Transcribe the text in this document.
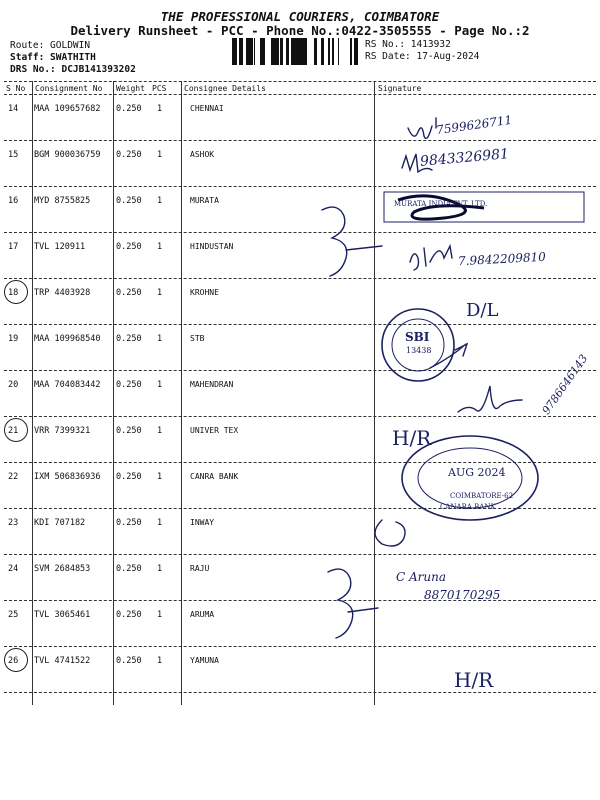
THE PROFESSIONAL COURIERS, COIMBATORE
Delivery Runsheet - PCC - Phone No.:0422-3505555 - Page No.:2
Route: GOLDWIN
Staff: SWATHITH
DRS No.: DCJB141393202
RS No.: 1413932
RS Date: 17-Aug-2024
S No Consignment No Weight PCS Consignee Details	Signature
14 MAA 109657682 0.250 1	CHENNAI
15 BGM 900036759 0.250 1	ASHOK
16 MYD 8755825	0.250 1	MURATA
17 TVL 120911	0.250 1	HINDUSTAN
18 TRP 4403928	0.250 1	KROHNE
19 MAA 109968540 0.250 1	STB
20 MAA 704083442 0.250 1	MAHENDRAN
21 VRR 7399321	0.250 1	UNIVER TEX
22 IXM 506836936 0.250 1	CANRA BANK
23 KDI 707182	0.250 1	INWAY
24 SVM 2684853	0.250 1	RAJU
25 TVL 3065461	0.250 1	ARUMA
26 TVL 4741522	0.250 1	YAMUNA
7599626711
9843326981
7.9842209810
D/L
9786646143
H/R
C Aruna
8870170295
H/R
MURATA INDIA PVT. LTD.
SBI
13438
AUG 2024
COIMBATORE-62
CANARA BANK
